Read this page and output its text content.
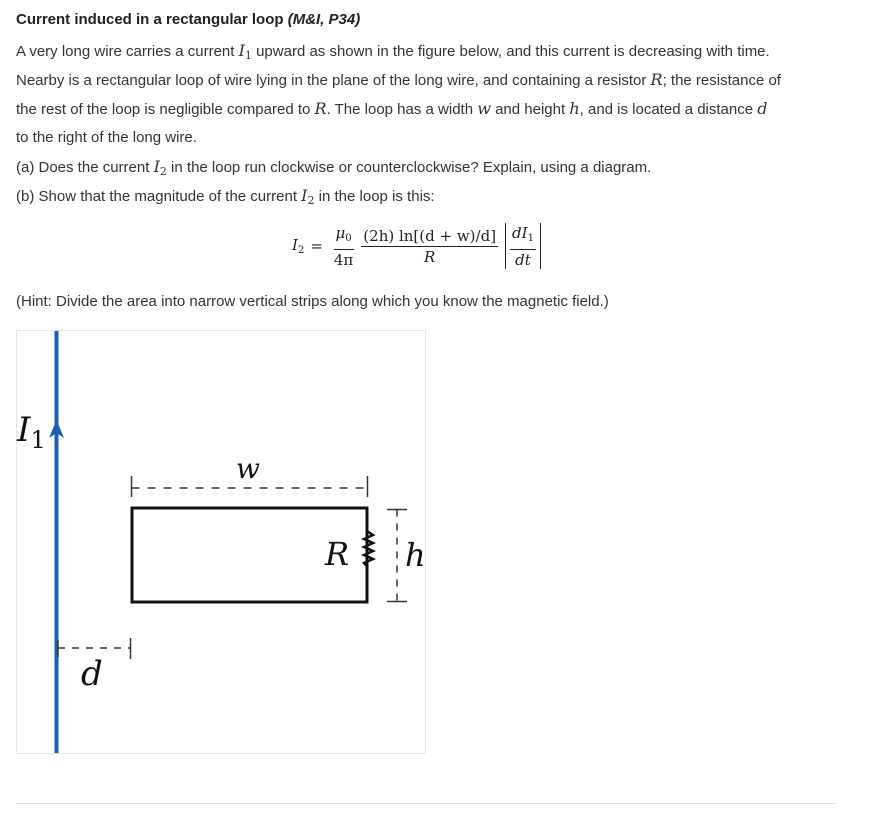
Current induced in a rectangular loop (M&I, P34)
A very long wire carries a current $I_1$ upward as shown in the figure below, and this current is decreasing with time.
Nearby is a rectangular loop of wire lying in the plane of the long wire, and containing a resistor R; the resistance of
the rest of the loop is negligible compared to R. The loop has a width w and height h, and is located a distance d
to the right of the long wire.
(a) Does the current $I_2$ in the loop run clockwise or counterclockwise? Explain, using a diagram.
(b) Show that the magnitude of the current $I_2$ in the loop is this:
$I_2 = \frac{\mu_0}{4\pi} \frac{(2h) \ln[(d + w)/d]}{R} \frac{dI_1}{dt}$
(Hint: Divide the area into narrow vertical strips along which you know the magnetic field.)
$I_1$
w
R h
d
